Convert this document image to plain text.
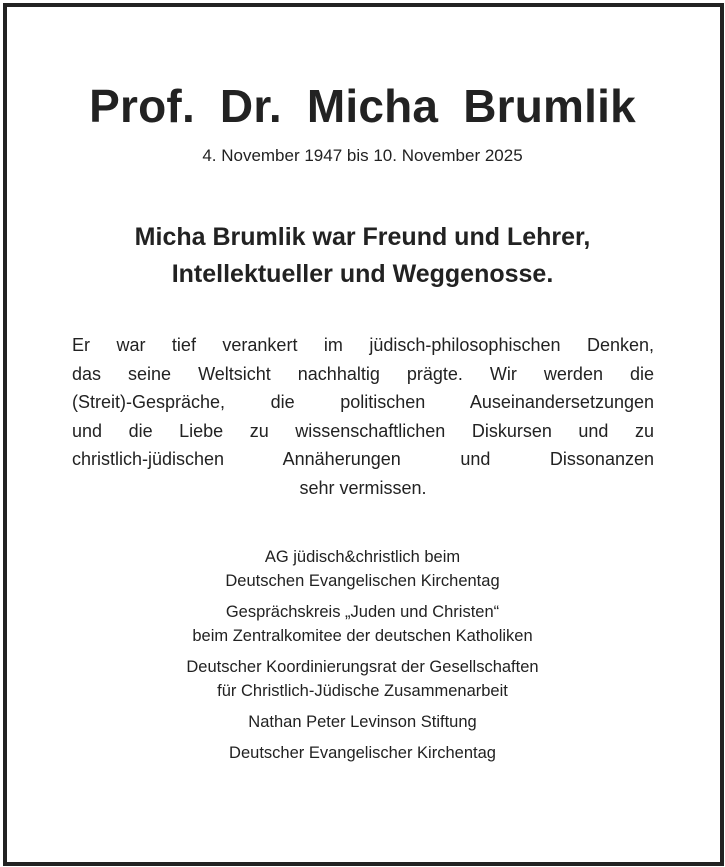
Prof. Dr. Micha Brumlik
4. November 1947 bis 10. November 2025
Micha Brumlik war Freund und Lehrer,
Intellektueller und Weggenosse.
Er war tief verankert im jüdisch-philosophischen Denken,
das seine Weltsicht nachhaltig prägte. Wir werden die
(Streit)-Gespräche, die politischen Auseinandersetzungen
und die Liebe zu wissenschaftlichen Diskursen und zu
christlich-jüdischen Annäherungen und Dissonanzen
sehr vermissen.
AG jüdisch&christlich beim
Deutschen Evangelischen Kirchentag
Gesprächskreis „Juden und Christen“
beim Zentralkomitee der deutschen Katholiken
Deutscher Koordinierungsrat der Gesellschaften
für Christlich-Jüdische Zusammenarbeit
Nathan Peter Levinson Stiftung
Deutscher Evangelischer Kirchentag
